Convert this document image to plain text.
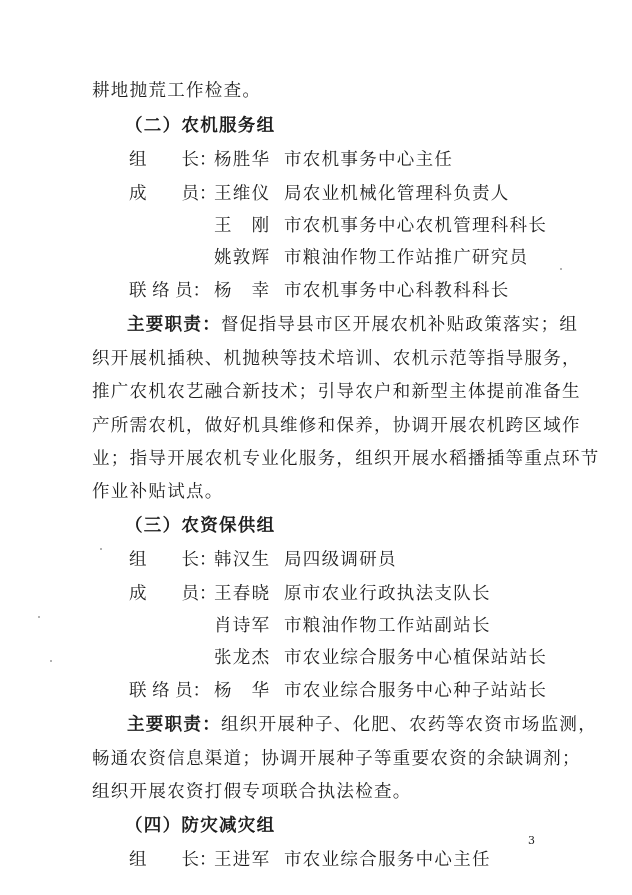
耕地抛荒工作检查。

（二）农机服务组

组　　长：
杨胜华 市农机事务中心主任
成　　员：
王维仪 局农业机械化管理科负责人
王　刚 市农机事务中心农机管理科科长
姚敦辉 市粮油作物工作站推广研究员
联 络 员： 杨　幸 市农机事务中心科教科科长

主要职责：督促指导县市区开展农机补贴政策落实；组

织开展机插秧、机抛秧等技术培训、农机示范等指导服务，

推广农机农艺融合新技术；引导农户和新型主体提前准备生

产所需农机，做好机具维修和保养，协调开展农机跨区域作

业；指导开展农机专业化服务，组织开展水稻播插等重点环节

作业补贴试点。

（三）农资保供组

组　　长：
韩汉生 局四级调研员
成　　员：
王春晓 原市农业行政执法支队长
肖诗军 市粮油作物工作站副站长
张龙杰 市农业综合服务中心植保站站长
联 络 员： 杨　华 市农业综合服务中心种子站站长

主要职责：组织开展种子、化肥、农药等农资市场监测，

畅通农资信息渠道；协调开展种子等重要农资的余缺调剂；

组织开展农资打假专项联合执法检查。

（四）防灾减灾组

组　　长：
王进军 市农业综合服务中心主任
3
